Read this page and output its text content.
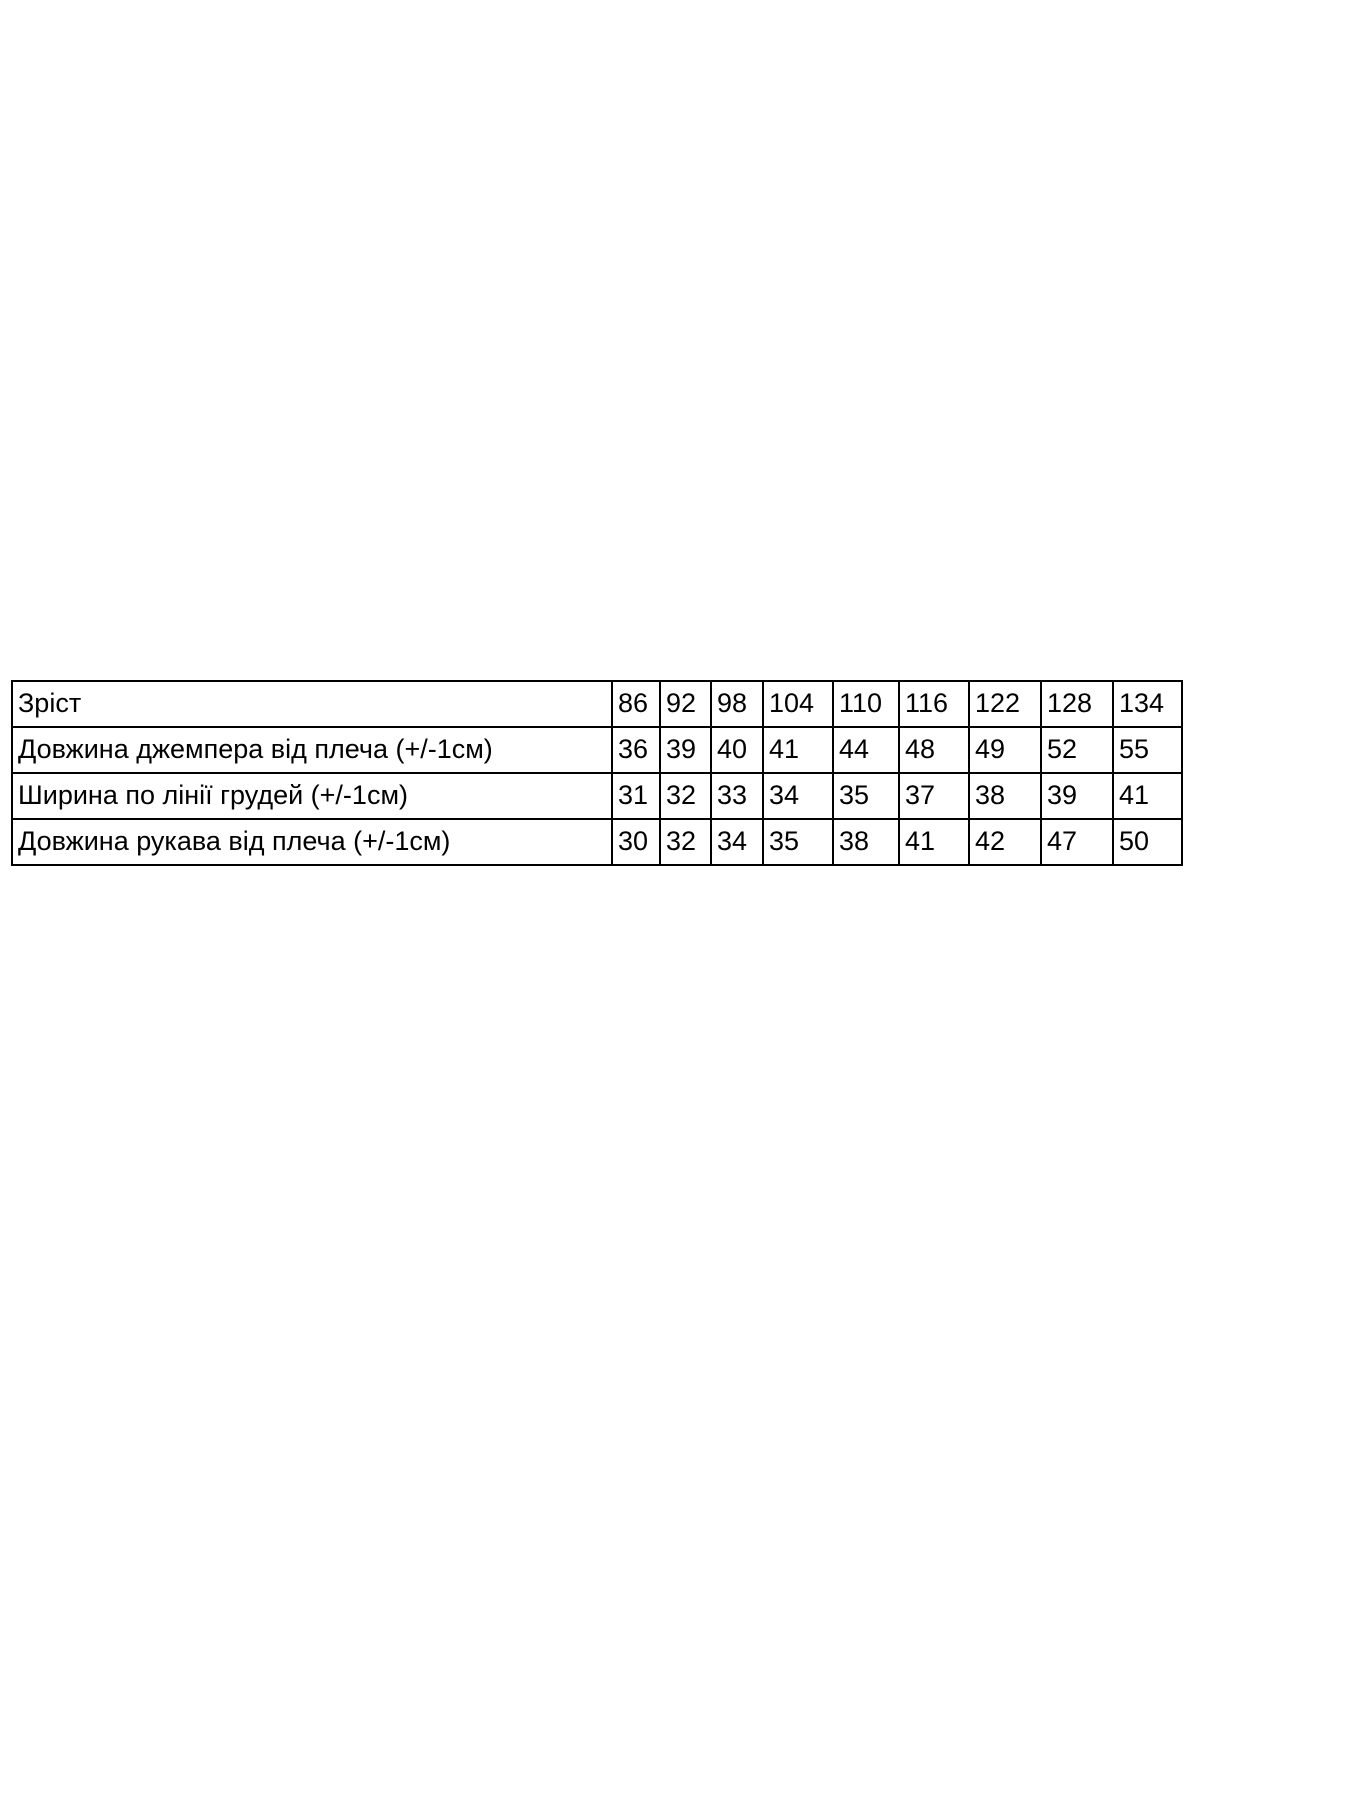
Зріст	86	92	98	104	110	116	122	128	134
Довжина джемпера від плеча (+/-1см)	36	39	40	41	44	48	49	52	55
Ширина по лінії грудей (+/-1см)	31	32	33	34	35	37	38	39	41
Довжина рукава від плеча (+/-1см)	30	32	34	35	38	41	42	47	50
